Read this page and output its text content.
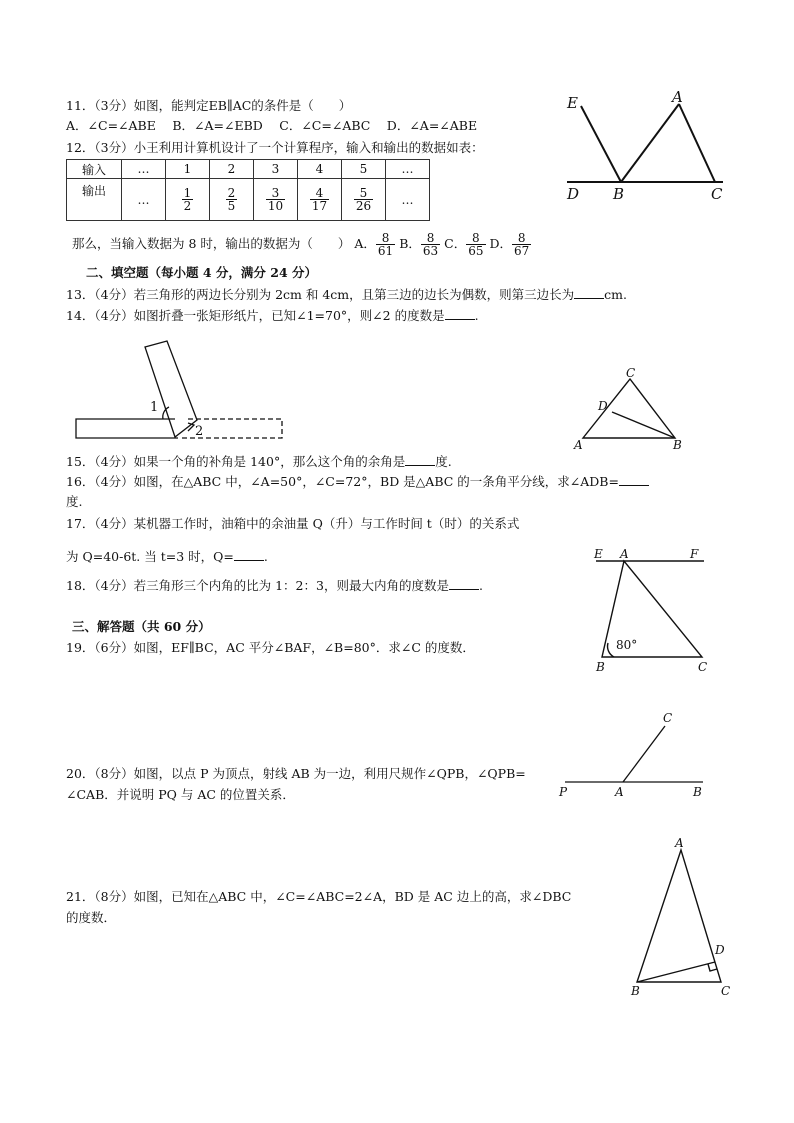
11．（3分）如图，能判定EB∥AC的条件是（　　）
A．∠C=∠ABE　 B．∠A=∠EBD　 C．∠C=∠ABC　 D．∠A=∠ABE
12．（3分）小王利用计算机设计了一个计算程序，输入和输出的数据如表：
输入	…	1	2	3	4	5	…
输出	…	$\frac{1}{2}$	$\frac{2}{5}$	$\frac{3}{10}$	$\frac{4}{17}$	$\frac{5}{26}$	…
那么，当输入数据为 8 时，输出的数据为（　　） A． $\frac{8}{61}$ B． $\frac{8}{63}$ C． $\frac{8}{65}$ D． $\frac{8}{67}$
二、填空题（每小题 4 分，满分 24 分）
13．（4分）若三角形的两边长分别为 2cm 和 4cm，且第三边的边长为偶数，则第三边长为 cm.
14．（4分）如图折叠一张矩形纸片，已知∠1=70°，则∠2 的度数是 .
15．（4分）如果一个角的补角是 140°，那么这个角的余角是 度.
16．（4分）如图，在△ABC 中，∠A=50°，∠C=72°，BD 是△ABC 的一条角平分线，求∠ADB=
度.
17．（4分）某机器工作时，油箱中的余油量 Q（升）与工作时间 t（时）的关系式
为 Q=40-6t. 当 t=3 时，Q= .
18．（4分）若三角形三个内角的比为 1：2：3，则最大内角的度数是 .
三、解答题（共 60 分）
19．（6分）如图，EF∥BC，AC 平分∠BAF，∠B=80°．求∠C 的度数．
20．（8分）如图，以点 P 为顶点，射线 AB 为一边，利用尺规作∠QPB，∠QPB=
∠CAB．并说明 PQ 与 AC 的位置关系．
21．（8分）如图，已知在△ABC 中，∠C=∠ABC=2∠A，BD 是 AC 边上的高，求∠DBC
的度数．
E	A
D B	C
1
2
C
D
A	B
E A	F
B	C
80°
C
P	A	B
A
D
B	C
